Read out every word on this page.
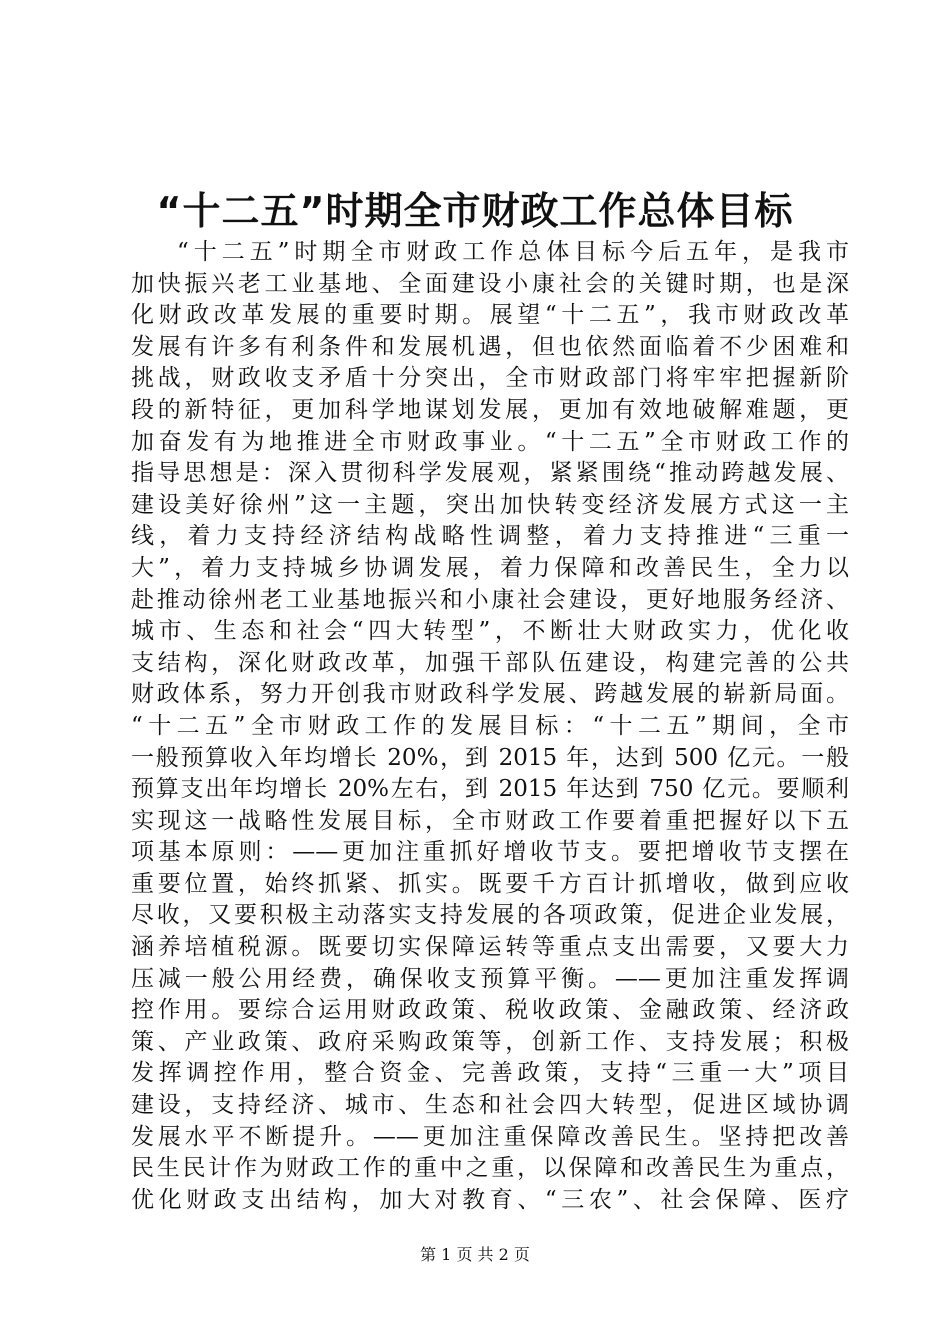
“十二五”时期全市财政工作总体目标
“十二五”时期全市财政工作总体目标今后五年，是我市
加快振兴老工业基地、全面建设小康社会的关键时期，也是深
化财政改革发展的重要时期。展望“十二五”，我市财政改革
发展有许多有利条件和发展机遇，但也依然面临着不少困难和
挑战，财政收支矛盾十分突出，全市财政部门将牢牢把握新阶
段的新特征，更加科学地谋划发展，更加有效地破解难题，更
加奋发有为地推进全市财政事业。“十二五”全市财政工作的
指导思想是：深入贯彻科学发展观，紧紧围绕“推动跨越发展、
建设美好徐州”这一主题，突出加快转变经济发展方式这一主
线，着力支持经济结构战略性调整，着力支持推进“三重一
大”，着力支持城乡协调发展，着力保障和改善民生，全力以
赴推动徐州老工业基地振兴和小康社会建设，更好地服务经济、
城市、生态和社会“四大转型”，不断壮大财政实力，优化收
支结构，深化财政改革，加强干部队伍建设，构建完善的公共
财政体系，努力开创我市财政科学发展、跨越发展的崭新局面。
“十二五”全市财政工作的发展目标：“十二五”期间，全市
一般预算收入年均增长 20%，到 2015 年，达到 500 亿元。一般
预算支出年均增长 20%左右，到 2015 年达到 750 亿元。要顺利
实现这一战略性发展目标，全市财政工作要着重把握好以下五
项基本原则：——更加注重抓好增收节支。要把增收节支摆在
重要位置，始终抓紧、抓实。既要千方百计抓增收，做到应收
尽收，又要积极主动落实支持发展的各项政策，促进企业发展，
涵养培植税源。既要切实保障运转等重点支出需要，又要大力
压减一般公用经费，确保收支预算平衡。——更加注重发挥调
控作用。要综合运用财政政策、税收政策、金融政策、经济政
策、产业政策、政府采购政策等，创新工作、支持发展；积极
发挥调控作用，整合资金、完善政策，支持“三重一大”项目
建设，支持经济、城市、生态和社会四大转型，促进区域协调
发展水平不断提升。——更加注重保障改善民生。坚持把改善
民生民计作为财政工作的重中之重，以保障和改善民生为重点，
优化财政支出结构，加大对教育、“三农”、社会保障、医疗
第 1 页 共 2 页
